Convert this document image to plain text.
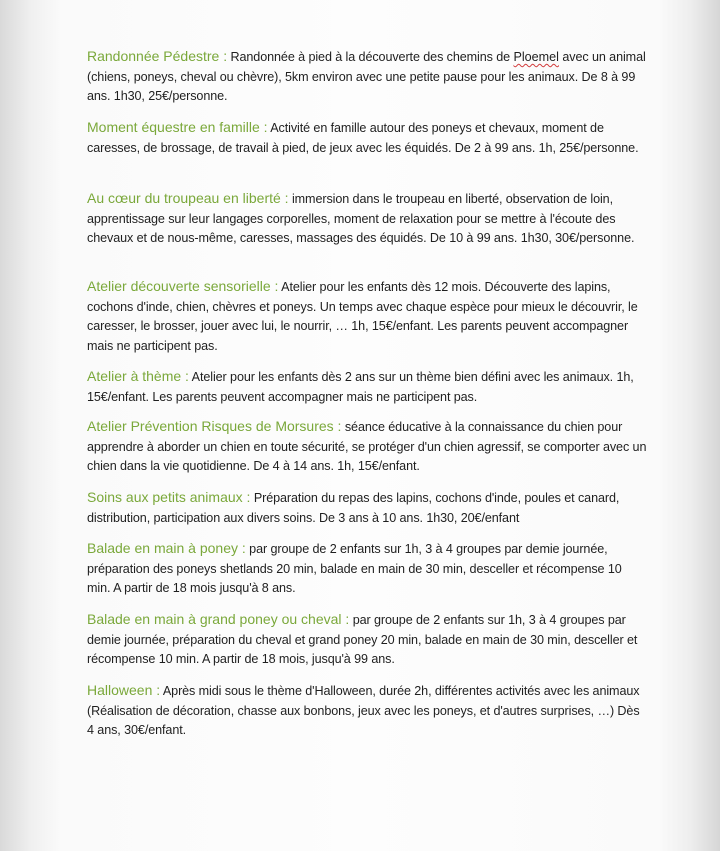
Randonnée Pédestre : Randonnée à pied à la découverte des chemins de Ploemel avec un animal (chiens, poneys, cheval ou chèvre), 5km environ avec une petite pause pour les animaux. De 8 à 99 ans. 1h30, 25€/personne.
Moment équestre en famille : Activité en famille autour des poneys et chevaux, moment de caresses, de brossage, de travail à pied, de jeux avec les équidés. De 2 à 99 ans. 1h, 25€/personne.
Au cœur du troupeau en liberté : immersion dans le troupeau en liberté, observation de loin, apprentissage sur leur langages corporelles, moment de relaxation pour se mettre à l'écoute des chevaux et de nous-même, caresses, massages des équidés. De 10 à 99 ans. 1h30, 30€/personne.
Atelier découverte sensorielle : Atelier pour les enfants dès 12 mois. Découverte des lapins, cochons d'inde, chien, chèvres et poneys. Un temps avec chaque espèce pour mieux le découvrir, le caresser, le brosser, jouer avec lui, le nourrir, … 1h, 15€/enfant. Les parents peuvent accompagner mais ne participent pas.
Atelier à thème : Atelier pour les enfants dès 2 ans sur un thème bien défini avec les animaux. 1h, 15€/enfant. Les parents peuvent accompagner mais ne participent pas.
Atelier Prévention Risques de Morsures : séance éducative à la connaissance du chien pour apprendre à aborder un chien en toute sécurité, se protéger d'un chien agressif, se comporter avec un chien dans la vie quotidienne. De 4 à 14 ans. 1h, 15€/enfant.
Soins aux petits animaux : Préparation du repas des lapins, cochons d'inde, poules et canard, distribution, participation aux divers soins. De 3 ans à 10 ans. 1h30, 20€/enfant
Balade en main à poney : par groupe de 2 enfants sur 1h, 3 à 4 groupes par demie journée, préparation des poneys shetlands 20 min, balade en main de 30 min, desceller et récompense 10 min. A partir de 18 mois jusqu'à 8 ans.
Balade en main à grand poney ou cheval : par groupe de 2 enfants sur 1h, 3 à 4 groupes par demie journée, préparation du cheval et grand poney 20 min, balade en main de 30 min, desceller et récompense 10 min. A partir de 18 mois, jusqu'à 99 ans.
Halloween : Après midi sous le thème d'Halloween, durée 2h, différentes activités avec les animaux (Réalisation de décoration, chasse aux bonbons, jeux avec les poneys, et d'autres surprises, …) Dès 4 ans, 30€/enfant.
